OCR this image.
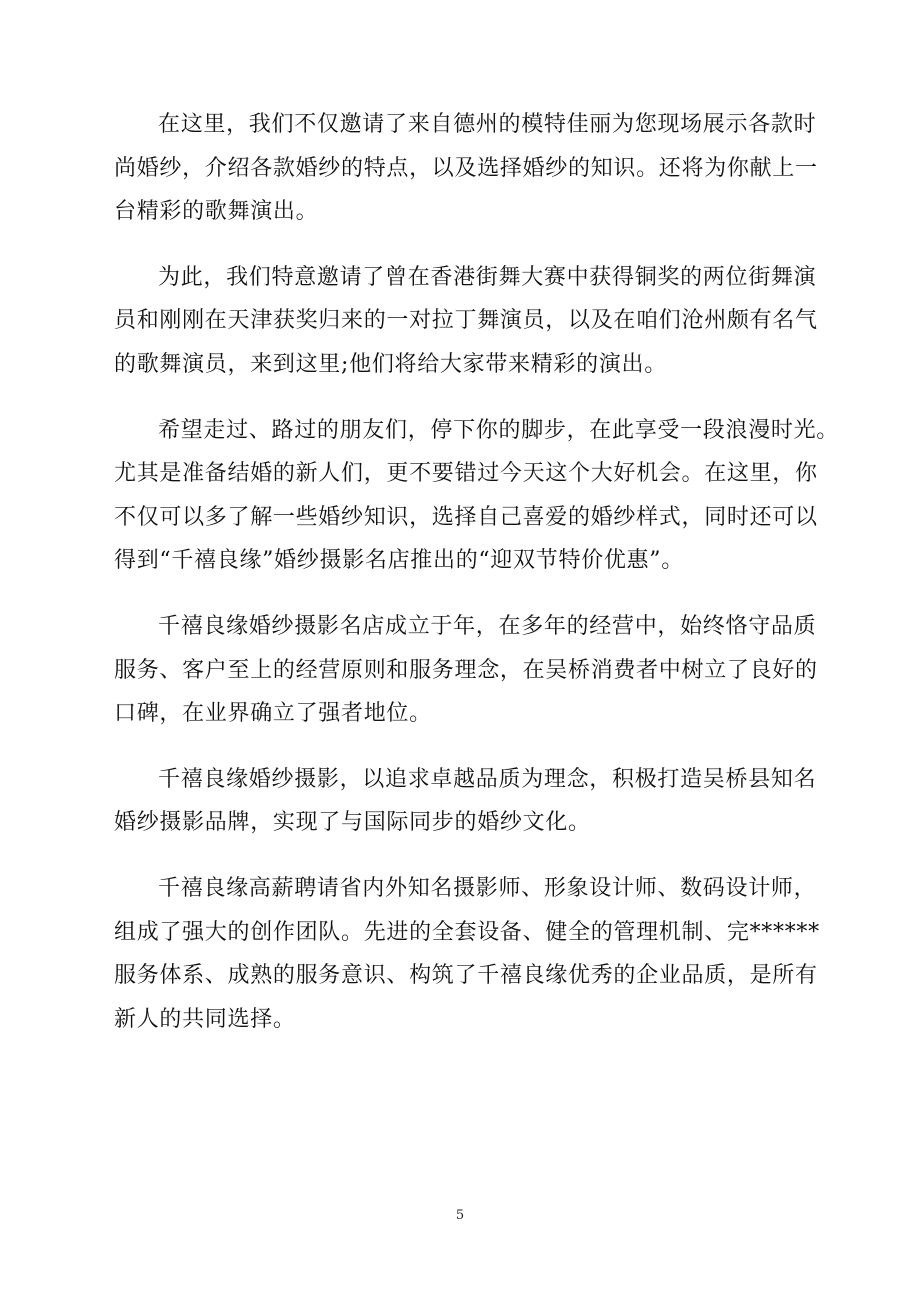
在这里，我们不仅邀请了来自德州的模特佳丽为您现场展示各款时
尚婚纱，介绍各款婚纱的特点，以及选择婚纱的知识。还将为你献上一
台精彩的歌舞演出。

为此，我们特意邀请了曾在香港街舞大赛中获得铜奖的两位街舞演
员和刚刚在天津获奖归来的一对拉丁舞演员，以及在咱们沧州颇有名气
的歌舞演员，来到这里;他们将给大家带来精彩的演出。

希望走过、路过的朋友们，停下你的脚步，在此享受一段浪漫时光。
尤其是准备结婚的新人们，更不要错过今天这个大好机会。在这里，你
不仅可以多了解一些婚纱知识，选择自己喜爱的婚纱样式，同时还可以
得到“千禧良缘”婚纱摄影名店推出的“迎双节特价优惠”。

千禧良缘婚纱摄影名店成立于年，在多年的经营中，始终恪守品质
服务、客户至上的经营原则和服务理念，在吴桥消费者中树立了良好的
口碑，在业界确立了强者地位。

千禧良缘婚纱摄影，以追求卓越品质为理念，积极打造吴桥县知名
婚纱摄影品牌，实现了与国际同步的婚纱文化。

千禧良缘高薪聘请省内外知名摄影师、形象设计师、数码设计师，
组成了强大的创作团队。先进的全套设备、健全的管理机制、完******
服务体系、成熟的服务意识、构筑了千禧良缘优秀的企业品质，是所有
新人的共同选择。

5
